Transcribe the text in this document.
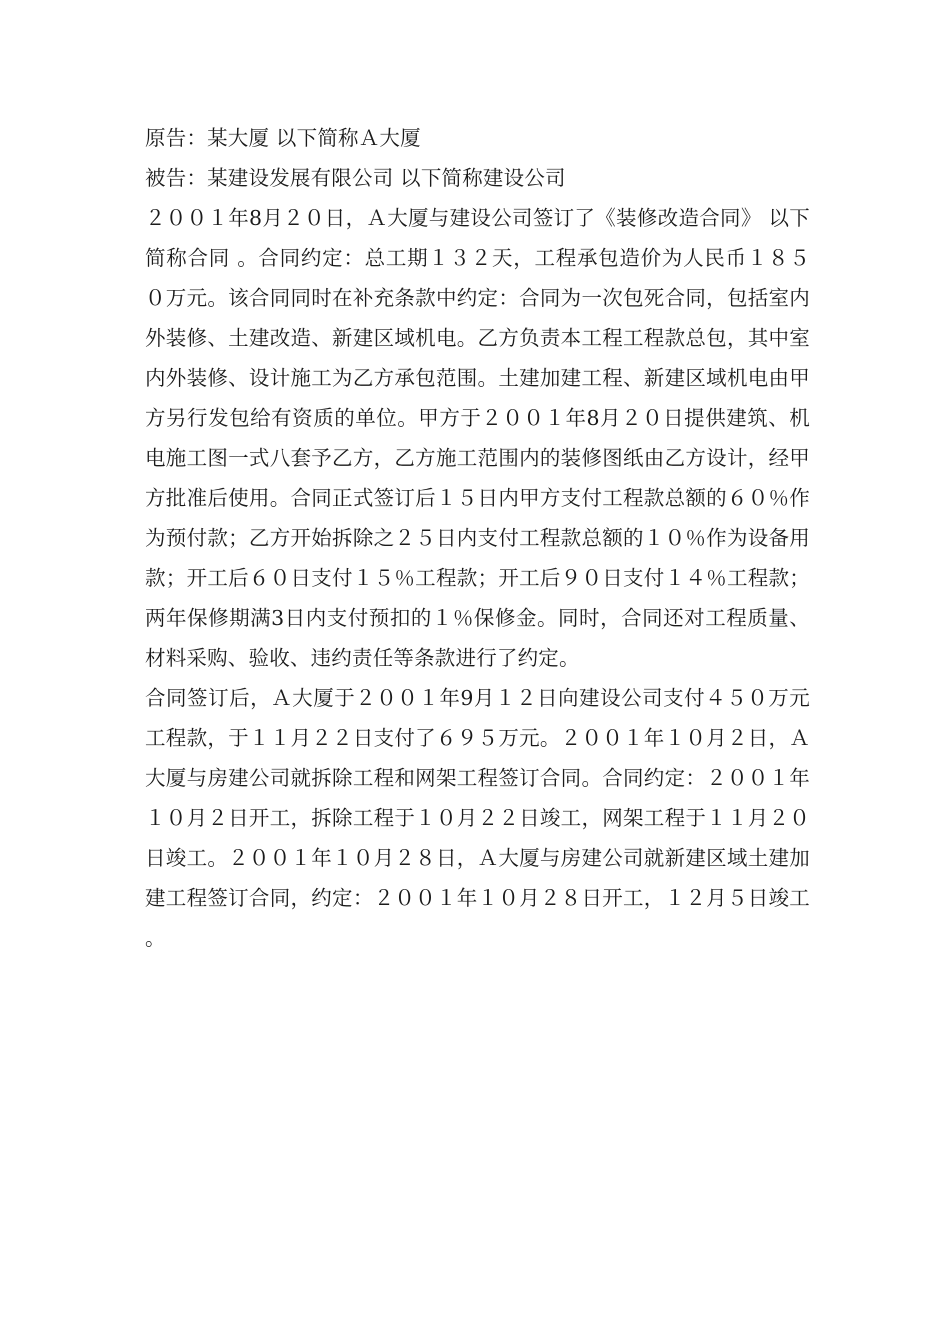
原告：某大厦 以下简称Ａ大厦

被告：某建设发展有限公司 以下简称建设公司

２００１年8月２０日，Ａ大厦与建设公司签订了《装修改造合同》 以下简称合同 。合同约定：总工期１３２天，工程承包造价为人民币１８５０万元。该合同同时在补充条款中约定：合同为一次包死合同，包括室内外装修、土建改造、新建区域机电。乙方负责本工程工程款总包，其中室内外装修、设计施工为乙方承包范围。土建加建工程、新建区域机电由甲方另行发包给有资质的单位。甲方于２００１年8月２０日提供建筑、机电施工图一式八套予乙方，乙方施工范围内的装修图纸由乙方设计，经甲方批准后使用。合同正式签订后１５日内甲方支付工程款总额的６０％作为预付款；乙方开始拆除之２５日内支付工程款总额的１０％作为设备用款；开工后６０日支付１５％工程款；开工后９０日支付１４％工程款；两年保修期满3日内支付预扣的１％保修金。同时，合同还对工程质量、材料采购、验收、违约责任等条款进行了约定。

合同签订后，Ａ大厦于２００１年9月１２日向建设公司支付４５０万元工程款，于１１月２２日支付了６９５万元。２００１年１０月２日，Ａ大厦与房建公司就拆除工程和网架工程签订合同。合同约定：２００１年１０月２日开工，拆除工程于１０月２２日竣工，网架工程于１１月２０日竣工。２００１年１０月２８日，Ａ大厦与房建公司就新建区域土建加建工程签订合同，约定：２００１年１０月２８日开工，１２月５日竣工。
